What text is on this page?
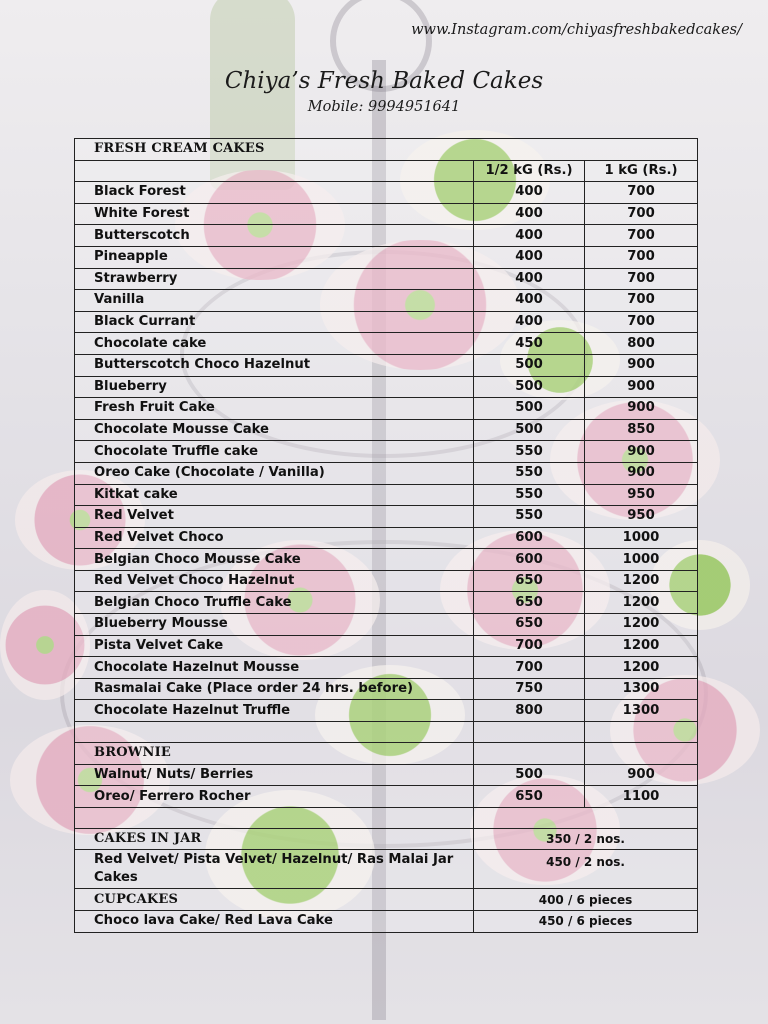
www.Instagram.com/chiyasfreshbakedcakes/
Chiya’s Fresh Baked Cakes
Mobile: 9994951641
FRESH CREAM CAKES		
	1/2 kG (Rs.)	1 kG (Rs.)
Black Forest	400	700
White Forest	400	700
Butterscotch	400	700
Pineapple	400	700
Strawberry	400	700
Vanilla	400	700
Black Currant	400	700
Chocolate cake	450	800
Butterscotch Choco Hazelnut	500	900
Blueberry	500	900
Fresh Fruit Cake	500	900
Chocolate Mousse Cake	500	850
Chocolate Truffle cake	550	900
Oreo Cake (Chocolate / Vanilla)	550	900
Kitkat cake	550	950
Red Velvet	550	950
Red Velvet Choco	600	1000
Belgian Choco Mousse Cake	600	1000
Red Velvet Choco Hazelnut	650	1200
Belgian Choco Truffle Cake	650	1200
Blueberry Mousse	650	1200
Pista Velvet Cake	700	1200
Chocolate Hazelnut Mousse	700	1200
Rasmalai Cake (Place order 24 hrs. before)	750	1300
Chocolate Hazelnut Truffle	800	1300

BROWNIE		
Walnut/ Nuts/ Berries	500	900
Oreo/ Ferrero Rocher	650	1100

CAKES IN JAR	350 / 2 nos.	
Red Velvet/ Pista Velvet/ Hazelnut/ Ras Malai Jar Cakes	450 / 2 nos.	
CUPCAKES	400 / 6 pieces	
Choco lava Cake/ Red Lava Cake	450 / 6 pieces	
